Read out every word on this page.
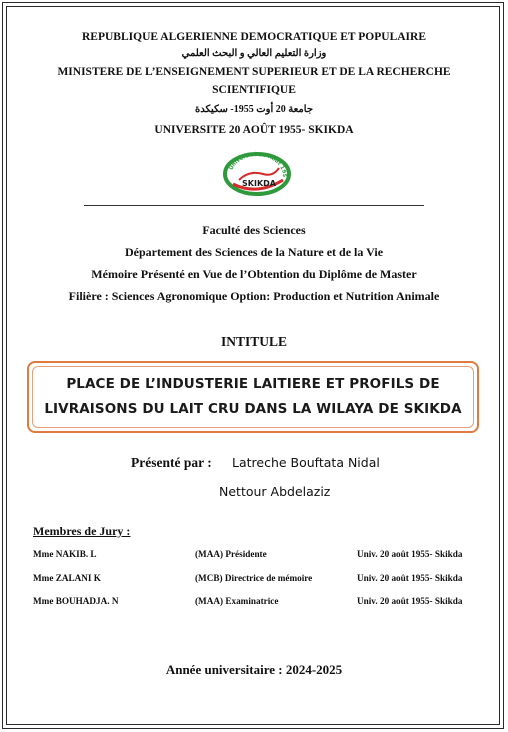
REPUBLIQUE ALGERIENNE DEMOCRATIQUE ET POPULAIRE
وزارة التعليم العالي و البحث العلمي
MINISTERE DE L’ENSEIGNEMENT SUPERIEUR ET DE LA RECHERCHE
SCIENTIFIQUE
جامعة 20 أوت 1955- سكيكدة
UNIVERSITE 20 AOÛT 1955- SKIKDA
Université 20 Août 195
SKIKDA
Faculté des Sciences
Département des Sciences de la Nature et de la Vie
Mémoire Présenté en Vue de l’Obtention du Diplôme de Master
Filière : Sciences Agronomique Option: Production et Nutrition Animale
INTITULE
PLACE DE L’INDUSTERIE LAITIERE ET PROFILS DE
LIVRAISONS DU LAIT CRU DANS LA WILAYA DE SKIKDA
Présenté par : Latreche Bouftata Nidal
Nettour Abdelaziz
Membres de Jury :
Mme NAKIB. L	(MAA) Présidente	Univ. 20 août 1955- Skikda
Mme ZALANI K	(MCB) Directrice de mémoire	Univ. 20 août 1955- Skikda
Mme BOUHADJA. N	(MAA) Examinatrice	Univ. 20 août 1955- Skikda
Année universitaire : 2024-2025
